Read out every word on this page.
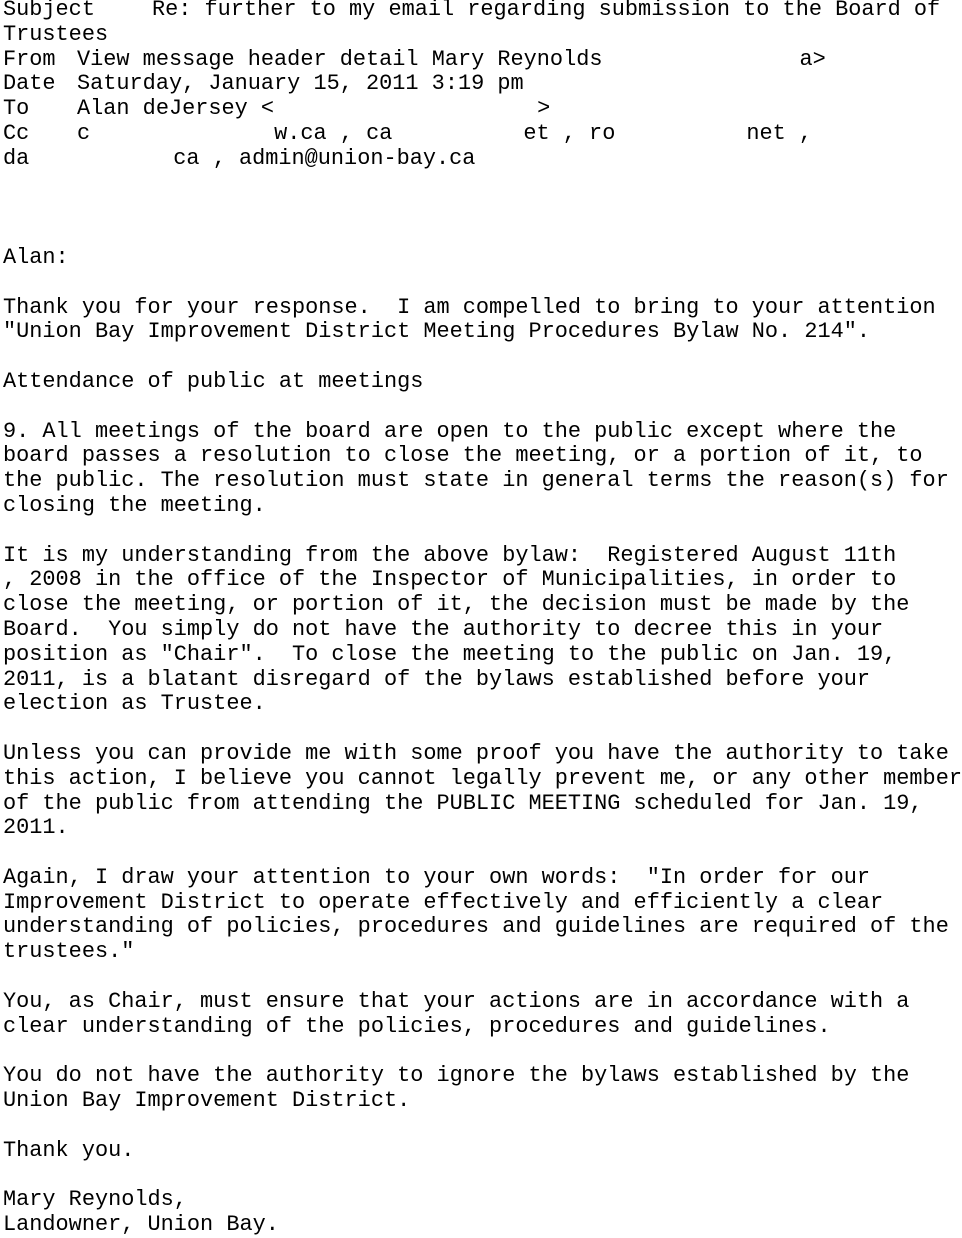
Subject	Re: further to my email regarding submission to the Board of
Trustees
From View message header detail Mary Reynolds	a>
Date Saturday, January 15, 2011 3:19 pm
To Alan deJersey <	>
Cc c	w.ca , ca	et , ro	net ,
da	ca , admin@union-bay.ca
Alan:
Thank you for your response.  I am compelled to bring to your attention
"Union Bay Improvement District Meeting Procedures Bylaw No. 214".
Attendance of public at meetings
9. All meetings of the board are open to the public except where the
board passes a resolution to close the meeting, or a portion of it, to
the public. The resolution must state in general terms the reason(s) for
closing the meeting.
It is my understanding from the above bylaw:  Registered August 11th
, 2008 in the office of the Inspector of Municipalities, in order to
close the meeting, or portion of it, the decision must be made by the
Board.  You simply do not have the authority to decree this in your
position as "Chair".  To close the meeting to the public on Jan. 19,
2011, is a blatant disregard of the bylaws established before your
election as Trustee.
Unless you can provide me with some proof you have the authority to take
this action, I believe you cannot legally prevent me, or any other member
of the public from attending the PUBLIC MEETING scheduled for Jan. 19,
2011.
Again, I draw your attention to your own words:  "In order for our
Improvement District to operate effectively and efficiently a clear
understanding of policies, procedures and guidelines are required of the
trustees."
You, as Chair, must ensure that your actions are in accordance with a
clear understanding of the policies, procedures and guidelines.
You do not have the authority to ignore the bylaws established by the
Union Bay Improvement District.
Thank you.
Mary Reynolds,
Landowner, Union Bay.
